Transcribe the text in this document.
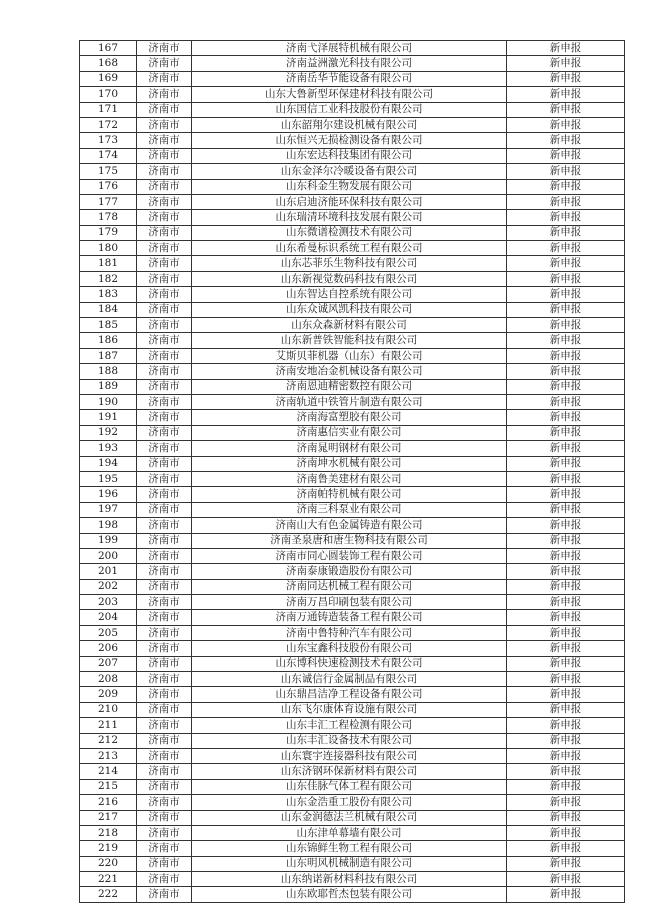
167	济南市	济南弋泽展特机械有限公司	新申报
168	济南市	济南益洲激光科技有限公司	新申报
169	济南市	济南岳华节能设备有限公司	新申报
170	济南市	山东大鲁新型环保建材科技有限公司	新申报
171	济南市	山东国信工业科技股份有限公司	新申报
172	济南市	山东韶翔尔建设机械有限公司	新申报
173	济南市	山东恒兴无损检测设备有限公司	新申报
174	济南市	山东宏达科技集团有限公司	新申报
175	济南市	山东金泽尔冷暖设备有限公司	新申报
176	济南市	山东科金生物发展有限公司	新申报
177	济南市	山东启迪济能环保科技有限公司	新申报
178	济南市	山东瑞清环境科技发展有限公司	新申报
179	济南市	山东微谱检测技术有限公司	新申报
180	济南市	山东希曼标识系统工程有限公司	新申报
181	济南市	山东芯菲乐生物科技有限公司	新申报
182	济南市	山东新视觉数码科技有限公司	新申报
183	济南市	山东智达自控系统有限公司	新申报
184	济南市	山东众诚风凯科技有限公司	新申报
185	济南市	山东众森新材料有限公司	新申报
186	济南市	山东新普铁智能科技有限公司	新申报
187	济南市	艾斯贝菲机器（山东）有限公司	新申报
188	济南市	济南安地冶金机械设备有限公司	新申报
189	济南市	济南恩迪精密数控有限公司	新申报
190	济南市	济南轨道中铁管片制造有限公司	新申报
191	济南市	济南海富塑胶有限公司	新申报
192	济南市	济南惠信实业有限公司	新申报
193	济南市	济南晁明钢材有限公司	新申报
194	济南市	济南坤水机械有限公司	新申报
195	济南市	济南鲁美建材有限公司	新申报
196	济南市	济南帕特机械有限公司	新申报
197	济南市	济南三科泵业有限公司	新申报
198	济南市	济南山大有色金属铸造有限公司	新申报
199	济南市	济南圣泉唐和唐生物科技有限公司	新申报
200	济南市	济南市同心圆装饰工程有限公司	新申报
201	济南市	济南泰康锻造股份有限公司	新申报
202	济南市	济南同达机械工程有限公司	新申报
203	济南市	济南万昌印刷包装有限公司	新申报
204	济南市	济南万通铸造装备工程有限公司	新申报
205	济南市	济南中鲁特种汽车有限公司	新申报
206	济南市	山东宝鑫科技股份有限公司	新申报
207	济南市	山东博科快速检测技术有限公司	新申报
208	济南市	山东诚信行金属制品有限公司	新申报
209	济南市	山东鼎昌洁净工程设备有限公司	新申报
210	济南市	山东飞尔康体育设施有限公司	新申报
211	济南市	山东丰汇工程检测有限公司	新申报
212	济南市	山东丰汇设备技术有限公司	新申报
213	济南市	山东寰宇连接器科技有限公司	新申报
214	济南市	山东济钢环保新材料有限公司	新申报
215	济南市	山东佳脉气体工程有限公司	新申报
216	济南市	山东金浩重工股份有限公司	新申报
217	济南市	山东金润德法兰机械有限公司	新申报
218	济南市	山东津单幕墙有限公司	新申报
219	济南市	山东锦鲜生物工程有限公司	新申报
220	济南市	山东明风机械制造有限公司	新申报
221	济南市	山东纳诺新材料科技有限公司	新申报
222	济南市	山东欧耶哲杰包装有限公司	新申报
